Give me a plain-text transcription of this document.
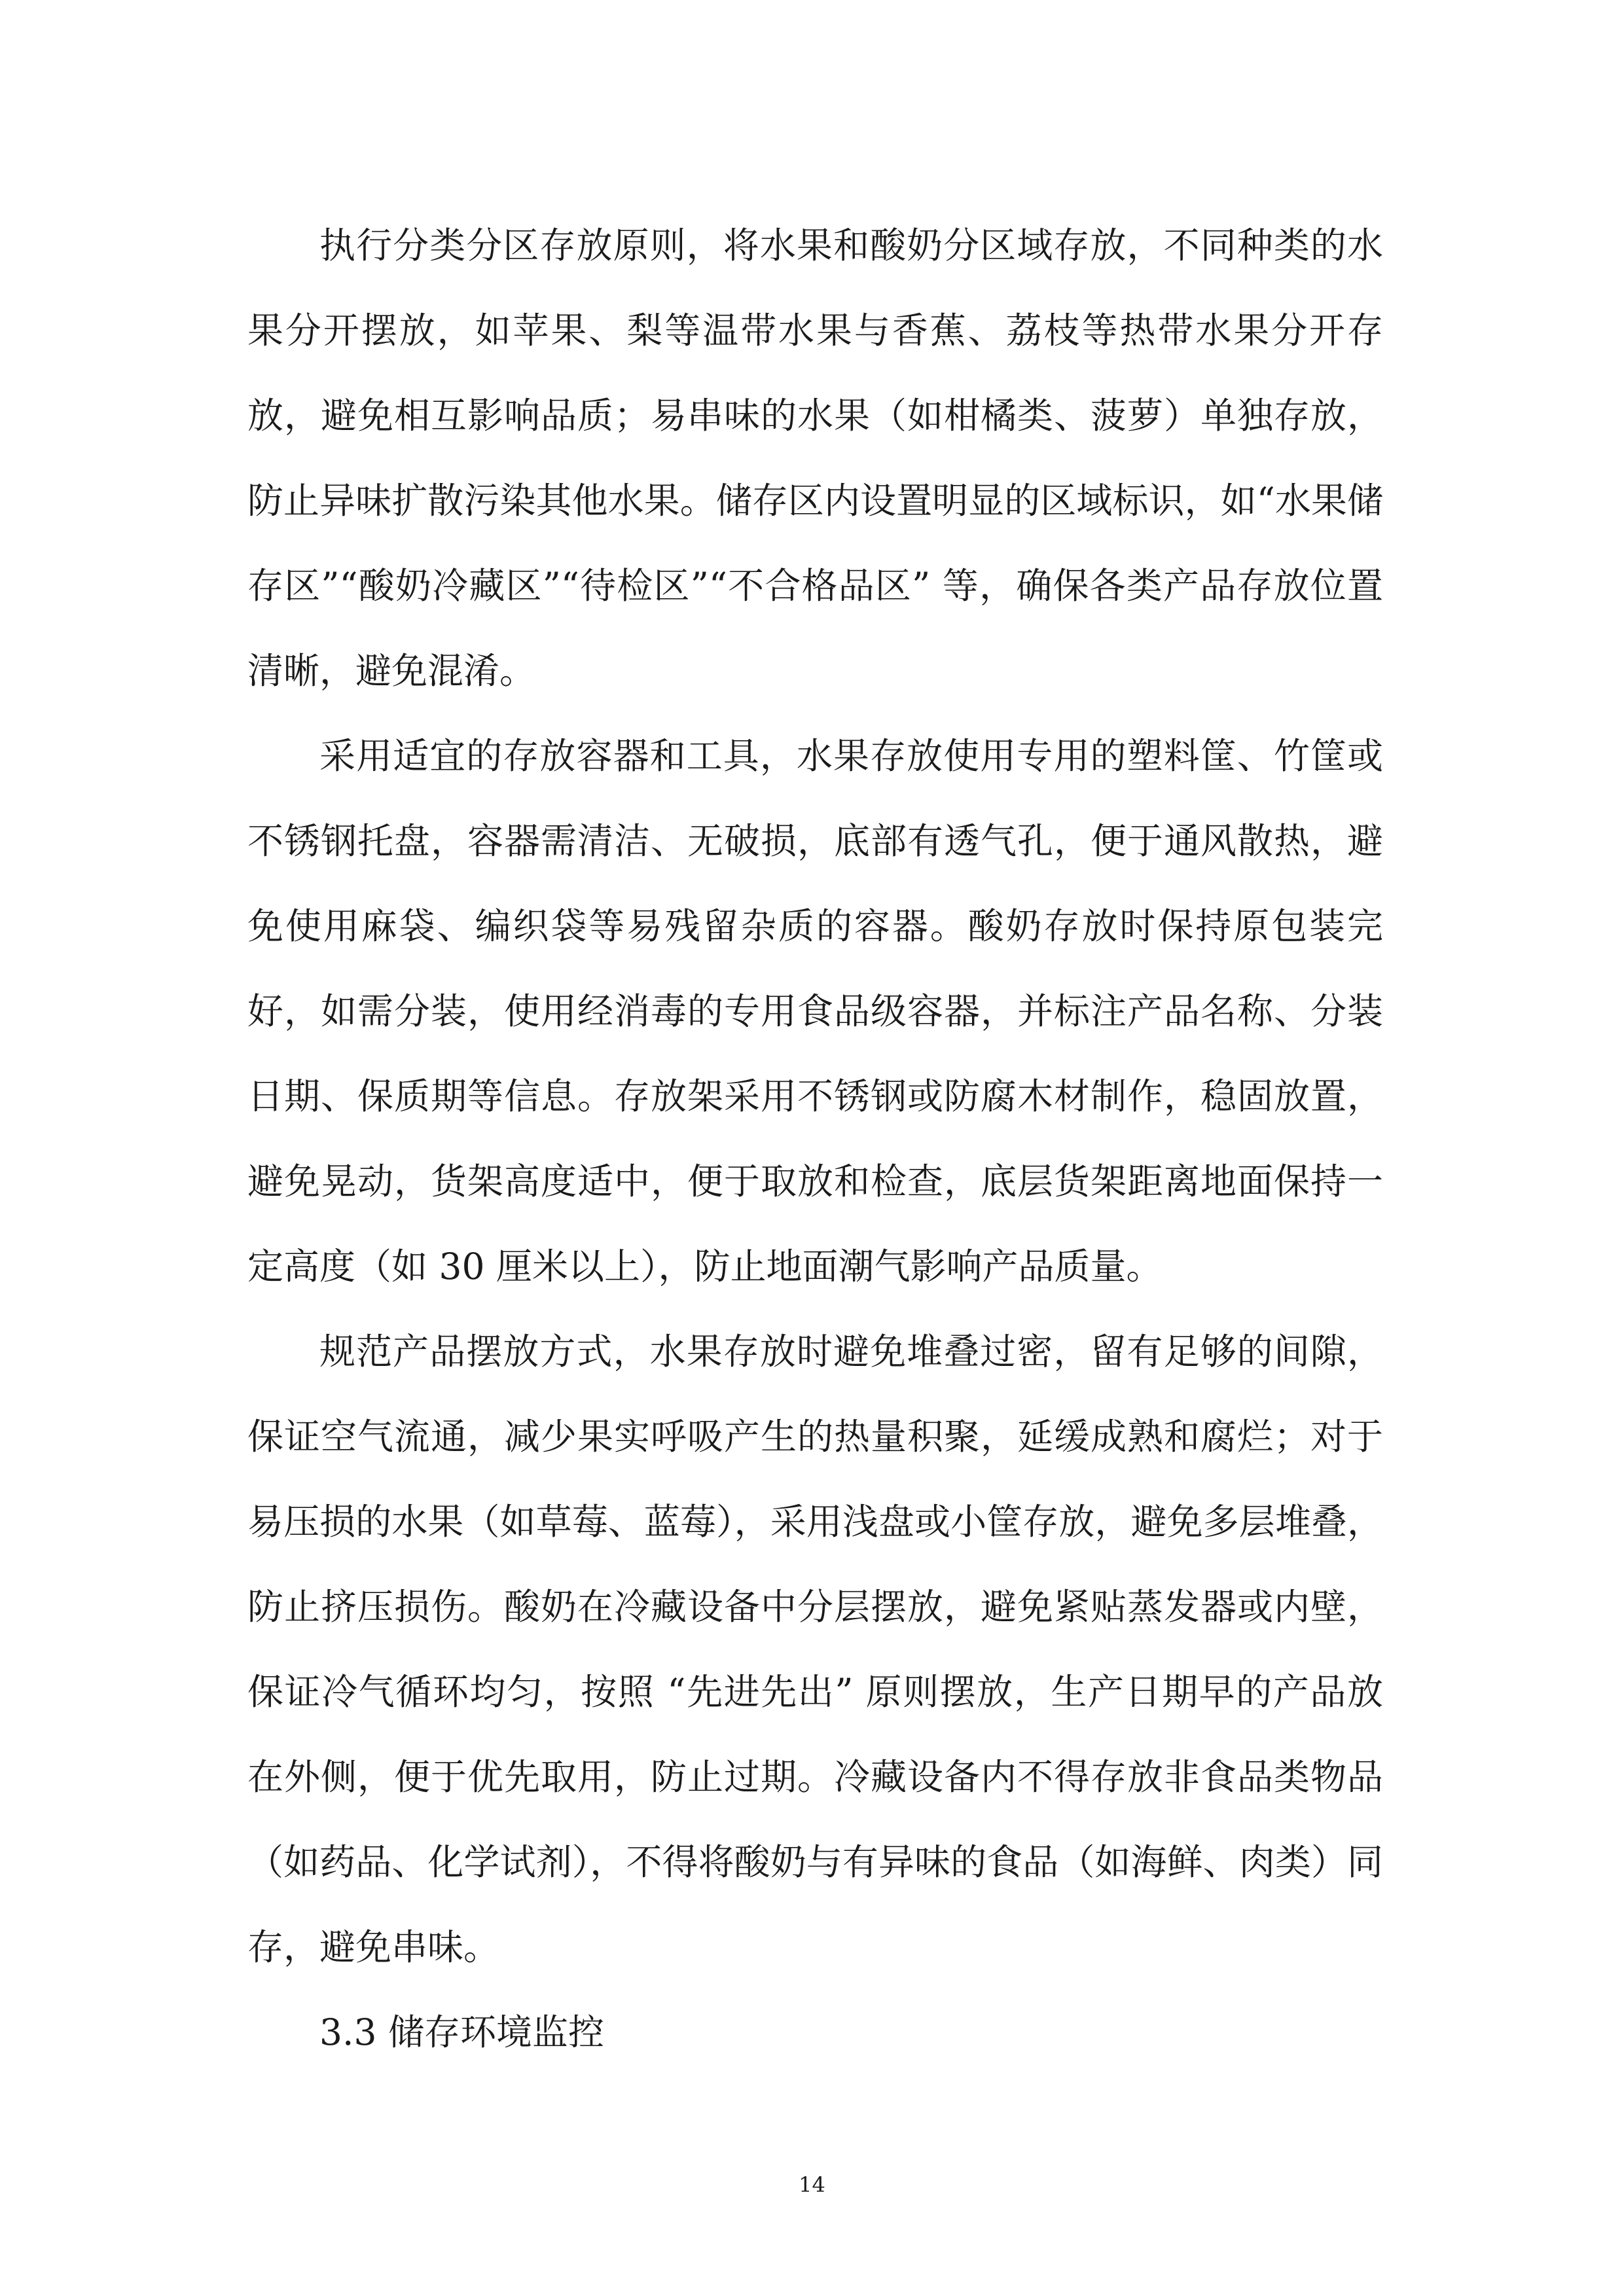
执行分类分区存放原则，将水果和酸奶分区域存放，不同种类的水果分开摆放，如苹果、梨等温带水果与香蕉、荔枝等热带水果分开存放，避免相互影响品质；易串味的水果（如柑橘类、菠萝）单独存放，防止异味扩散污染其他水果。储存区内设置明显的区域标识，如“水果储存区”“酸奶冷藏区”“待检区”“不合格品区” 等，确保各类产品存放位置清晰，避免混淆。

采用适宜的存放容器和工具，水果存放使用专用的塑料筐、竹筐或不锈钢托盘，容器需清洁、无破损，底部有透气孔，便于通风散热，避免使用麻袋、编织袋等易残留杂质的容器。酸奶存放时保持原包装完好，如需分装，使用经消毒的专用食品级容器，并标注产品名称、分装日期、保质期等信息。存放架采用不锈钢或防腐木材制作，稳固放置，避免晃动，货架高度适中，便于取放和检查，底层货架距离地面保持一定高度（如 30 厘米以上），防止地面潮气影响产品质量。

规范产品摆放方式，水果存放时避免堆叠过密，留有足够的间隙，保证空气流通，减少果实呼吸产生的热量积聚，延缓成熟和腐烂；对于易压损的水果（如草莓、蓝莓），采用浅盘或小筐存放，避免多层堆叠，防止挤压损伤。酸奶在冷藏设备中分层摆放，避免紧贴蒸发器或内壁，保证冷气循环均匀，按照 “先进先出” 原则摆放，生产日期早的产品放在外侧，便于优先取用，防止过期。冷藏设备内不得存放非食品类物品（如药品、化学试剂），不得将酸奶与有异味的食品（如海鲜、肉类）同存，避免串味。

3.3 储存环境监控

14
